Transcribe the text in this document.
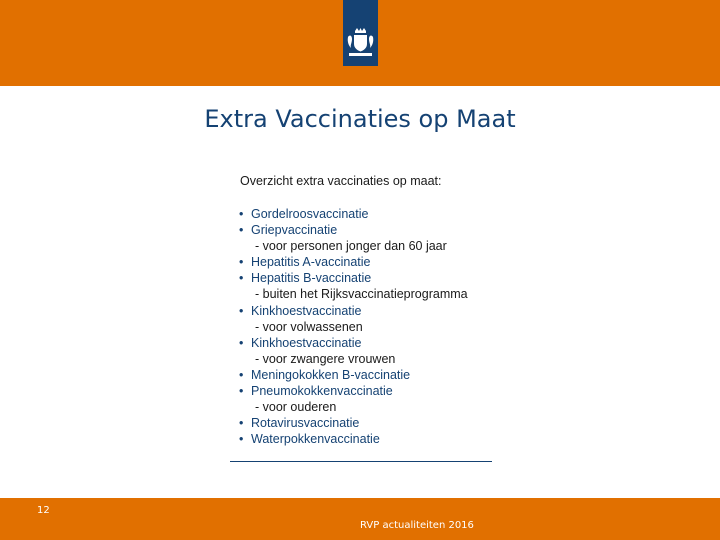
Extra Vaccinaties op Maat
Overzicht extra vaccinaties op maat:
• Gordelroosvaccinatie
• Griepvaccinatie
- voor personen jonger dan 60 jaar
• Hepatitis A-vaccinatie
• Hepatitis B-vaccinatie
- buiten het Rijksvaccinatieprogramma
• Kinkhoestvaccinatie
- voor volwassenen
• Kinkhoestvaccinatie
- voor zwangere vrouwen
• Meningokokken B-vaccinatie
• Pneumokokkenvaccinatie
- voor ouderen
• Rotavirusvaccinatie
• Waterpokkenvaccinatie
12
RVP actualiteiten 2016
